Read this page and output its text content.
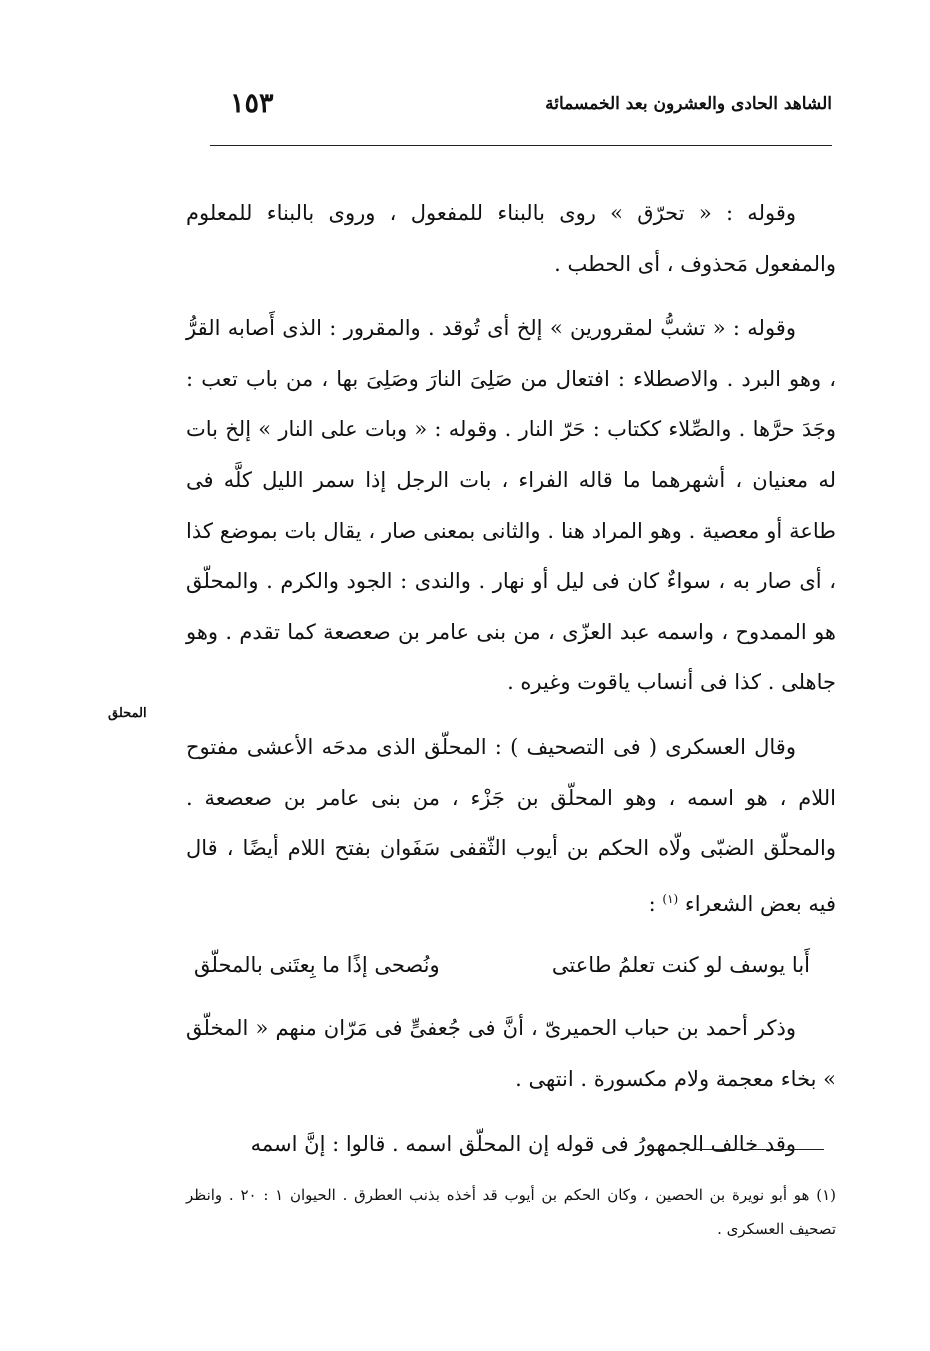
الشاهد الحادى والعشرون بعد الخمسمائة
١٥٣
المحلق

وقوله : « تحرّق » روى بالبناء للمفعول ، وروى بالبناء للمعلوم والمفعول مَحذوف ، أى الحطب .

وقوله : « تشبُّ لمقرورين » إلخ أى تُوقد . والمقرور : الذى أَصابه القرُّ ، وهو البرد . والاصطلاء : افتعال من صَلِىَ النارَ وصَلِىَ بها ، من باب تعب : وجَدَ حرَّها . والصِّلاء ككتاب : حَرّ النار . وقوله : « وبات على النار » إلخ بات له معنيان ، أشهرهما ما قاله الفراء ، بات الرجل إذا سمر الليل كلَّه فى طاعة أو معصية . وهو المراد هنا . والثانى بمعنى صار ، يقال بات بموضع كذا ، أى صار به ، سواءٌ كان فى ليل أو نهار . والندى : الجود والكرم . والمحلّق هو الممدوح ، واسمه عبد العزّى ، من بنى عامر بن صعصعة كما تقدم . وهو جاهلى . كذا فى أنساب ياقوت وغيره .

وقال العسكرى ( فى التصحيف ) : المحلّق الذى مدحَه الأعشى مفتوح اللام ، هو اسمه ، وهو المحلّق بن جَزْء ، من بنى عامر بن صعصعة . والمحلّق الضبّى ولّاه الحكم بن أيوب الثّقفى سَفَوان بفتح اللام أيضًا ، قال فيه بعض الشعراء $^{(١)}$ :

أَبا يوسف لو كنت تعلمُ طاعتى
ونُصحى إذًا ما بِعتَنى بالمحلّق

وذكر أحمد بن حباب الحميرىّ ، أنَّ فى جُعفىٍّ فى مَرّان منهم « المخلّق » بخاء معجمة ولام مكسورة . انتهى .

وقد خالف الجمهورُ فى قوله إن المحلّق اسمه . قالوا : إنَّ اسمه

(١) هو أبو نويرة بن الحصين ، وكان الحكم بن أيوب قد أخذه بذنب العطرق . الحيوان ١ : ٢٠ . وانظر تصحيف العسكرى .
